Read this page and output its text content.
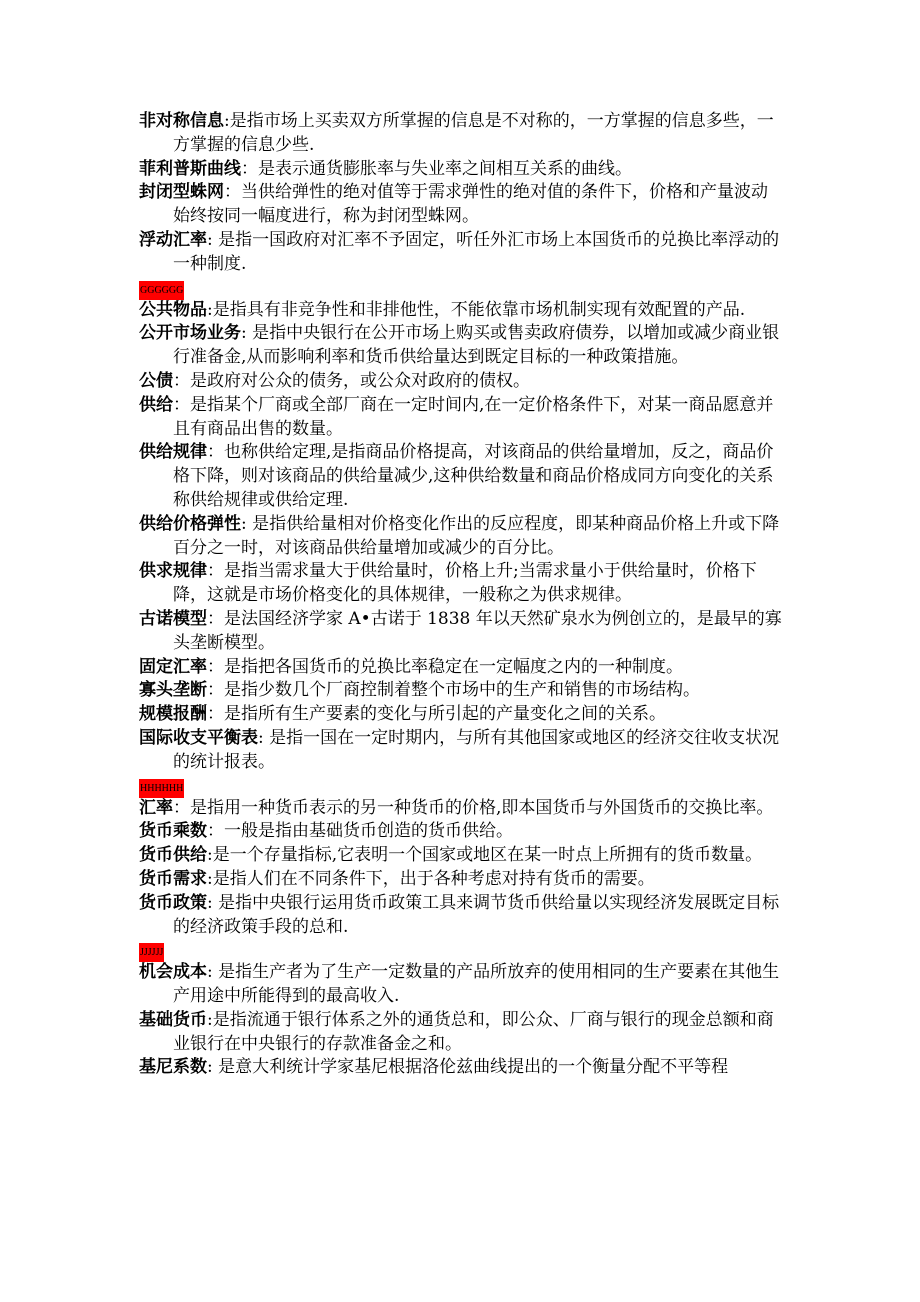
非对称信息:是指市场上买卖双方所掌握的信息是不对称的，一方掌握的信息多些，一方掌握的信息少些.
菲利普斯曲线：是表示通货膨胀率与失业率之间相互关系的曲线。
封闭型蛛网：当供给弹性的绝对值等于需求弹性的绝对值的条件下，价格和产量波动始终按同一幅度进行，称为封闭型蛛网。
浮动汇率: 是指一国政府对汇率不予固定，听任外汇市场上本国货币的兑换比率浮动的一种制度.
GGGGGG
公共物品:是指具有非竞争性和非排他性，不能依靠市场机制实现有效配置的产品.
公开市场业务: 是指中央银行在公开市场上购买或售卖政府债券，以增加或减少商业银行准备金,从而影响利率和货币供给量达到既定目标的一种政策措施。
公债：是政府对公众的债务，或公众对政府的债权。
供给：是指某个厂商或全部厂商在一定时间内,在一定价格条件下，对某一商品愿意并且有商品出售的数量。
供给规律：也称供给定理,是指商品价格提高，对该商品的供给量增加，反之，商品价格下降，则对该商品的供给量减少,这种供给数量和商品价格成同方向变化的关系称供给规律或供给定理.
供给价格弹性: 是指供给量相对价格变化作出的反应程度，即某种商品价格上升或下降百分之一时，对该商品供给量增加或减少的百分比。
供求规律：是指当需求量大于供给量时，价格上升;当需求量小于供给量时，价格下降，这就是市场价格变化的具体规律，一般称之为供求规律。
古诺模型：是法国经济学家 A•古诺于 1838 年以天然矿泉水为例创立的，是最早的寡头垄断模型。
固定汇率：是指把各国货币的兑换比率稳定在一定幅度之内的一种制度。
寡头垄断：是指少数几个厂商控制着整个市场中的生产和销售的市场结构。
规模报酬：是指所有生产要素的变化与所引起的产量变化之间的关系。
国际收支平衡表: 是指一国在一定时期内，与所有其他国家或地区的经济交往收支状况的统计报表。
HHHHHH
汇率：是指用一种货币表示的另一种货币的价格,即本国货币与外国货币的交换比率。
货币乘数：一般是指由基础货币创造的货币供给。
货币供给:是一个存量指标,它表明一个国家或地区在某一时点上所拥有的货币数量。
货币需求:是指人们在不同条件下，出于各种考虑对持有货币的需要。
货币政策: 是指中央银行运用货币政策工具来调节货币供给量以实现经济发展既定目标的经济政策手段的总和.
JJJJJJ
机会成本: 是指生产者为了生产一定数量的产品所放弃的使用相同的生产要素在其他生产用途中所能得到的最高收入.
基础货币:是指流通于银行体系之外的通货总和，即公众、厂商与银行的现金总额和商业银行在中央银行的存款准备金之和。
基尼系数: 是意大利统计学家基尼根据洛伦兹曲线提出的一个衡量分配不平等程
